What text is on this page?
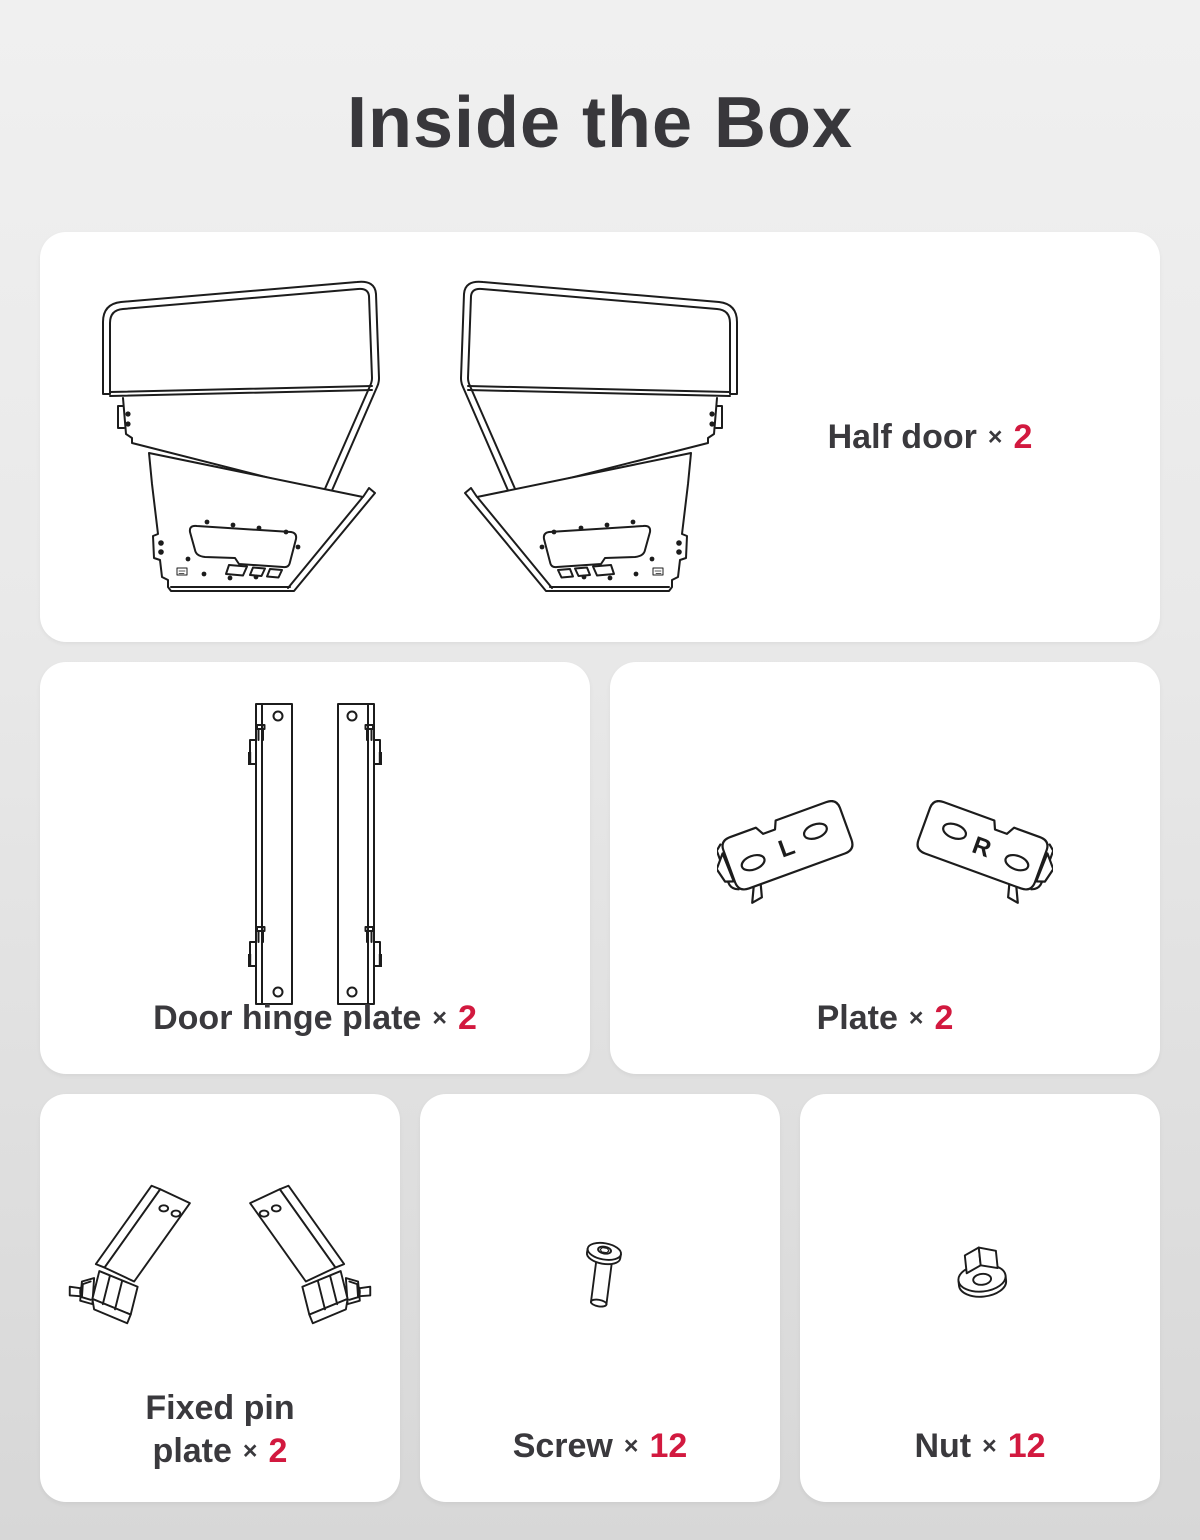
Inside the Box
Half door × 2
Door hinge plate × 2
L	R
Plate × 2
Fixed pin
plate × 2	Screw × 12	Nut × 12
